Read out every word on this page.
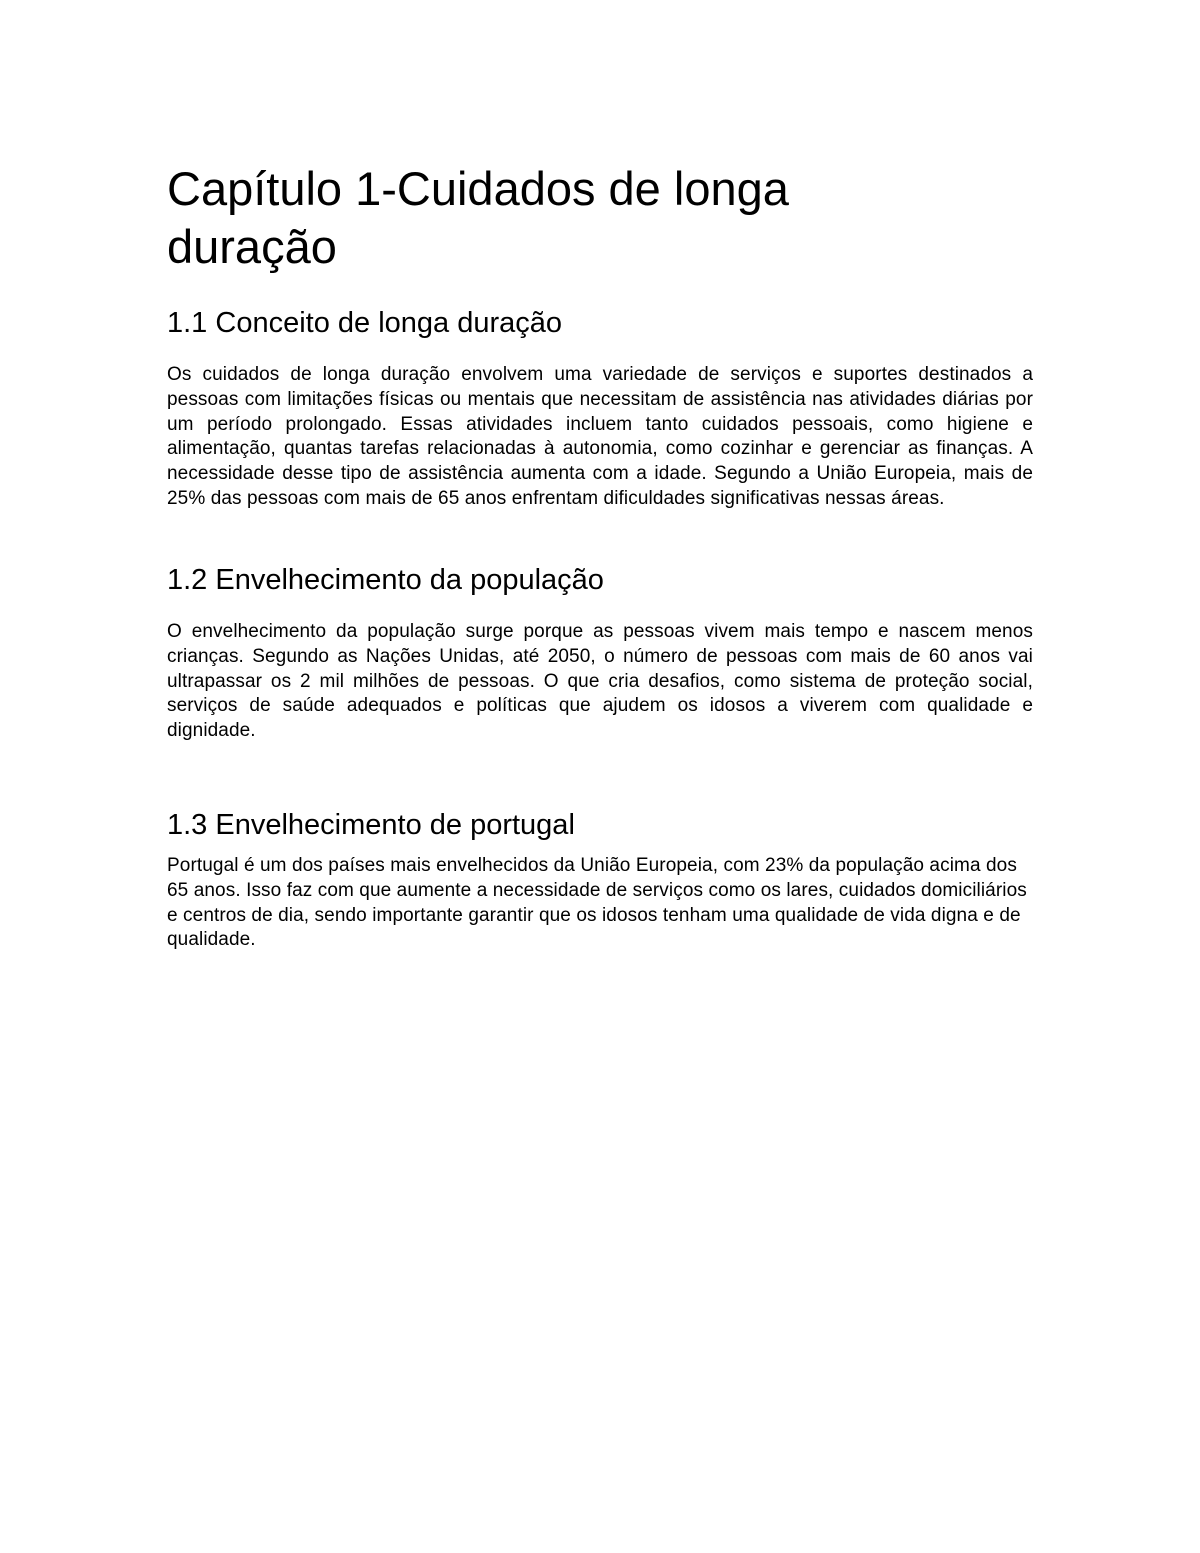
Capítulo 1-Cuidados de longa duração
1.1 Conceito de longa duração

Os cuidados de longa duração envolvem uma variedade de serviços e suportes destinados a pessoas com limitações físicas ou mentais que necessitam de assistência nas atividades diárias por um período prolongado. Essas atividades incluem tanto cuidados pessoais, como higiene e alimentação, quantas tarefas relacionadas à autonomia, como cozinhar e gerenciar as finanças. A necessidade desse tipo de assistência aumenta com a idade. Segundo a União Europeia, mais de 25% das pessoas com mais de 65 anos enfrentam dificuldades significativas nessas áreas.

1.2 Envelhecimento da população

O envelhecimento da população surge porque as pessoas vivem mais tempo e nascem menos crianças. Segundo as Nações Unidas, até 2050, o número de pessoas com mais de 60 anos vai ultrapassar os 2 mil milhões de pessoas. O que cria desafios, como sistema de proteção social, serviços de saúde adequados e políticas que ajudem os idosos a viverem com qualidade e dignidade.

1.3 Envelhecimento de portugal

Portugal é um dos países mais envelhecidos da União Europeia, com 23% da população acima dos 65 anos. Isso faz com que aumente a necessidade de serviços como os lares, cuidados domiciliários e centros de dia, sendo importante garantir que os idosos tenham uma qualidade de vida digna e de qualidade.
